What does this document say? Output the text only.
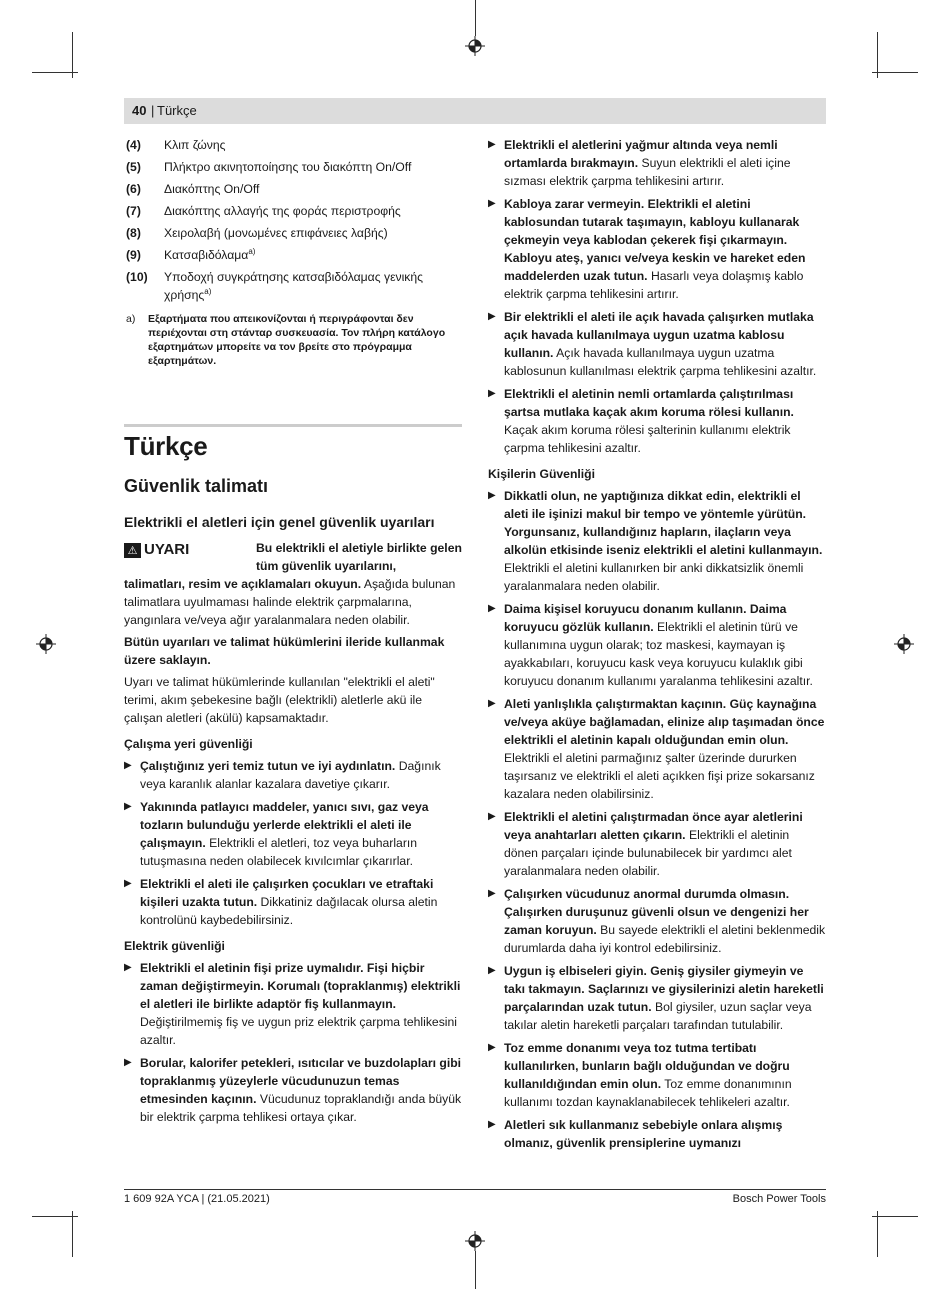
40 | Türkçe
(4) Κλιπ ζώνης
(5) Πλήκτρο ακινητοποίησης του διακόπτη On/Off
(6) Διακόπτης On/Off
(7) Διακόπτης αλλαγής της φοράς περιστροφής
(8) Χειρολαβή (μονωμένες επιφάνειες λαβής)
(9) Κατσαβιδόλαμα$^{a)}$
(10) Υποδοχή συγκράτησης κατσαβιδόλαμας γενικής χρήσης$^{a)}$
a) Εξαρτήματα που απεικονίζονται ή περιγράφονται δεν περιέχονται στη στάνταρ συσκευασία. Τον πλήρη κατάλογο εξαρτημάτων μπορείτε να τον βρείτε στο πρόγραμμα εξαρτημάτων.
Türkçe
Güvenlik talimatı
Elektrikli el aletleri için genel güvenlik uyarıları
⚠ UYARI	Bu elektrikli el aletiyle birlikte gelen tüm güvenlik uyarılarını,

talimatları, resim ve açıklamaları okuyun. Aşağıda bulunan talimatlara uyulmaması halinde elektrik çarpmalarına, yangınlara ve/veya ağır yaralanmalara neden olabilir.

Bütün uyarıları ve talimat hükümlerini ileride kullanmak üzere saklayın.

Uyarı ve talimat hükümlerinde kullanılan "elektrikli el aleti" terimi, akım şebekesine bağlı (elektrikli) aletlerle akü ile çalışan aletleri (akülü) kapsamaktadır.

Çalışma yeri güvenliği
▶ Çalıştığınız yeri temiz tutun ve iyi aydınlatın. Dağınık veya karanlık alanlar kazalara davetiye çıkarır.
▶ Yakınında patlayıcı maddeler, yanıcı sıvı, gaz veya tozların bulunduğu yerlerde elektrikli el aleti ile çalışmayın. Elektrikli el aletleri, toz veya buharların tutuşmasına neden olabilecek kıvılcımlar çıkarırlar.
▶ Elektrikli el aleti ile çalışırken çocukları ve etraftaki kişileri uzakta tutun. Dikkatiniz dağılacak olursa aletin kontrolünü kaybedebilirsiniz.
Elektrik güvenliği
▶ Elektrikli el aletinin fişi prize uymalıdır. Fişi hiçbir zaman değiştirmeyin. Korumalı (topraklanmış) elektrikli el aletleri ile birlikte adaptör fiş kullanmayın. Değiştirilmemiş fiş ve uygun priz elektrik çarpma tehlikesini azaltır.
▶ Borular, kalorifer petekleri, ısıtıcılar ve buzdolapları gibi topraklanmış yüzeylerle vücudunuzun temas etmesinden kaçının. Vücudunuz topraklandığı anda büyük bir elektrik çarpma tehlikesi ortaya çıkar.
▶ Elektrikli el aletlerini yağmur altında veya nemli ortamlarda bırakmayın. Suyun elektrikli el aleti içine sızması elektrik çarpma tehlikesini artırır.
▶ Kabloya zarar vermeyin. Elektrikli el aletini kablosundan tutarak taşımayın, kabloyu kullanarak çekmeyin veya kablodan çekerek fişi çıkarmayın. Kabloyu ateş, yanıcı ve/veya keskin ve hareket eden maddelerden uzak tutun. Hasarlı veya dolaşmış kablo elektrik çarpma tehlikesini artırır.
▶ Bir elektrikli el aleti ile açık havada çalışırken mutlaka açık havada kullanılmaya uygun uzatma kablosu kullanın. Açık havada kullanılmaya uygun uzatma kablosunun kullanılması elektrik çarpma tehlikesini azaltır.
▶ Elektrikli el aletinin nemli ortamlarda çalıştırılması şartsa mutlaka kaçak akım koruma rölesi kullanın. Kaçak akım koruma rölesi şalterinin kullanımı elektrik çarpma tehlikesini azaltır.
Kişilerin Güvenliği
▶ Dikkatli olun, ne yaptığınıza dikkat edin, elektrikli el aleti ile işinizi makul bir tempo ve yöntemle yürütün. Yorgunsanız, kullandığınız hapların, ilaçların veya alkolün etkisinde iseniz elektrikli el aletini kullanmayın. Elektrikli el aletini kullanırken bir anki dikkatsizlik önemli yaralanmalara neden olabilir.
▶ Daima kişisel koruyucu donanım kullanın. Daima koruyucu gözlük kullanın. Elektrikli el aletinin türü ve kullanımına uygun olarak; toz maskesi, kaymayan iş ayakkabıları, koruyucu kask veya koruyucu kulaklık gibi koruyucu donanım kullanımı yaralanma tehlikesini azaltır.
▶ Aleti yanlışlıkla çalıştırmaktan kaçının. Güç kaynağına ve/veya aküye bağlamadan, elinize alıp taşımadan önce elektrikli el aletinin kapalı olduğundan emin olun. Elektrikli el aletini parmağınız şalter üzerinde dururken taşırsanız ve elektrikli el aleti açıkken fişi prize sokarsanız kazalara neden olabilirsiniz.
▶ Elektrikli el aletini çalıştırmadan önce ayar aletlerini veya anahtarları aletten çıkarın. Elektrikli el aletinin dönen parçaları içinde bulunabilecek bir yardımcı alet yaralanmalara neden olabilir.
▶ Çalışırken vücudunuz anormal durumda olmasın. Çalışırken duruşunuz güvenli olsun ve dengenizi her zaman koruyun. Bu sayede elektrikli el aletini beklenmedik durumlarda daha iyi kontrol edebilirsiniz.
▶ Uygun iş elbiseleri giyin. Geniş giysiler giymeyin ve takı takmayın. Saçlarınızı ve giysilerinizi aletin hareketli parçalarından uzak tutun. Bol giysiler, uzun saçlar veya takılar aletin hareketli parçaları tarafından tutulabilir.
▶ Toz emme donanımı veya toz tutma tertibatı kullanılırken, bunların bağlı olduğundan ve doğru kullanıldığından emin olun. Toz emme donanımının kullanımı tozdan kaynaklanabilecek tehlikeleri azaltır.
▶ Aletleri sık kullanmanız sebebiyle onlara alışmış olmanız, güvenlik prensiplerine uymanızı
1 609 92A YCA | (21.05.2021)	Bosch Power Tools
